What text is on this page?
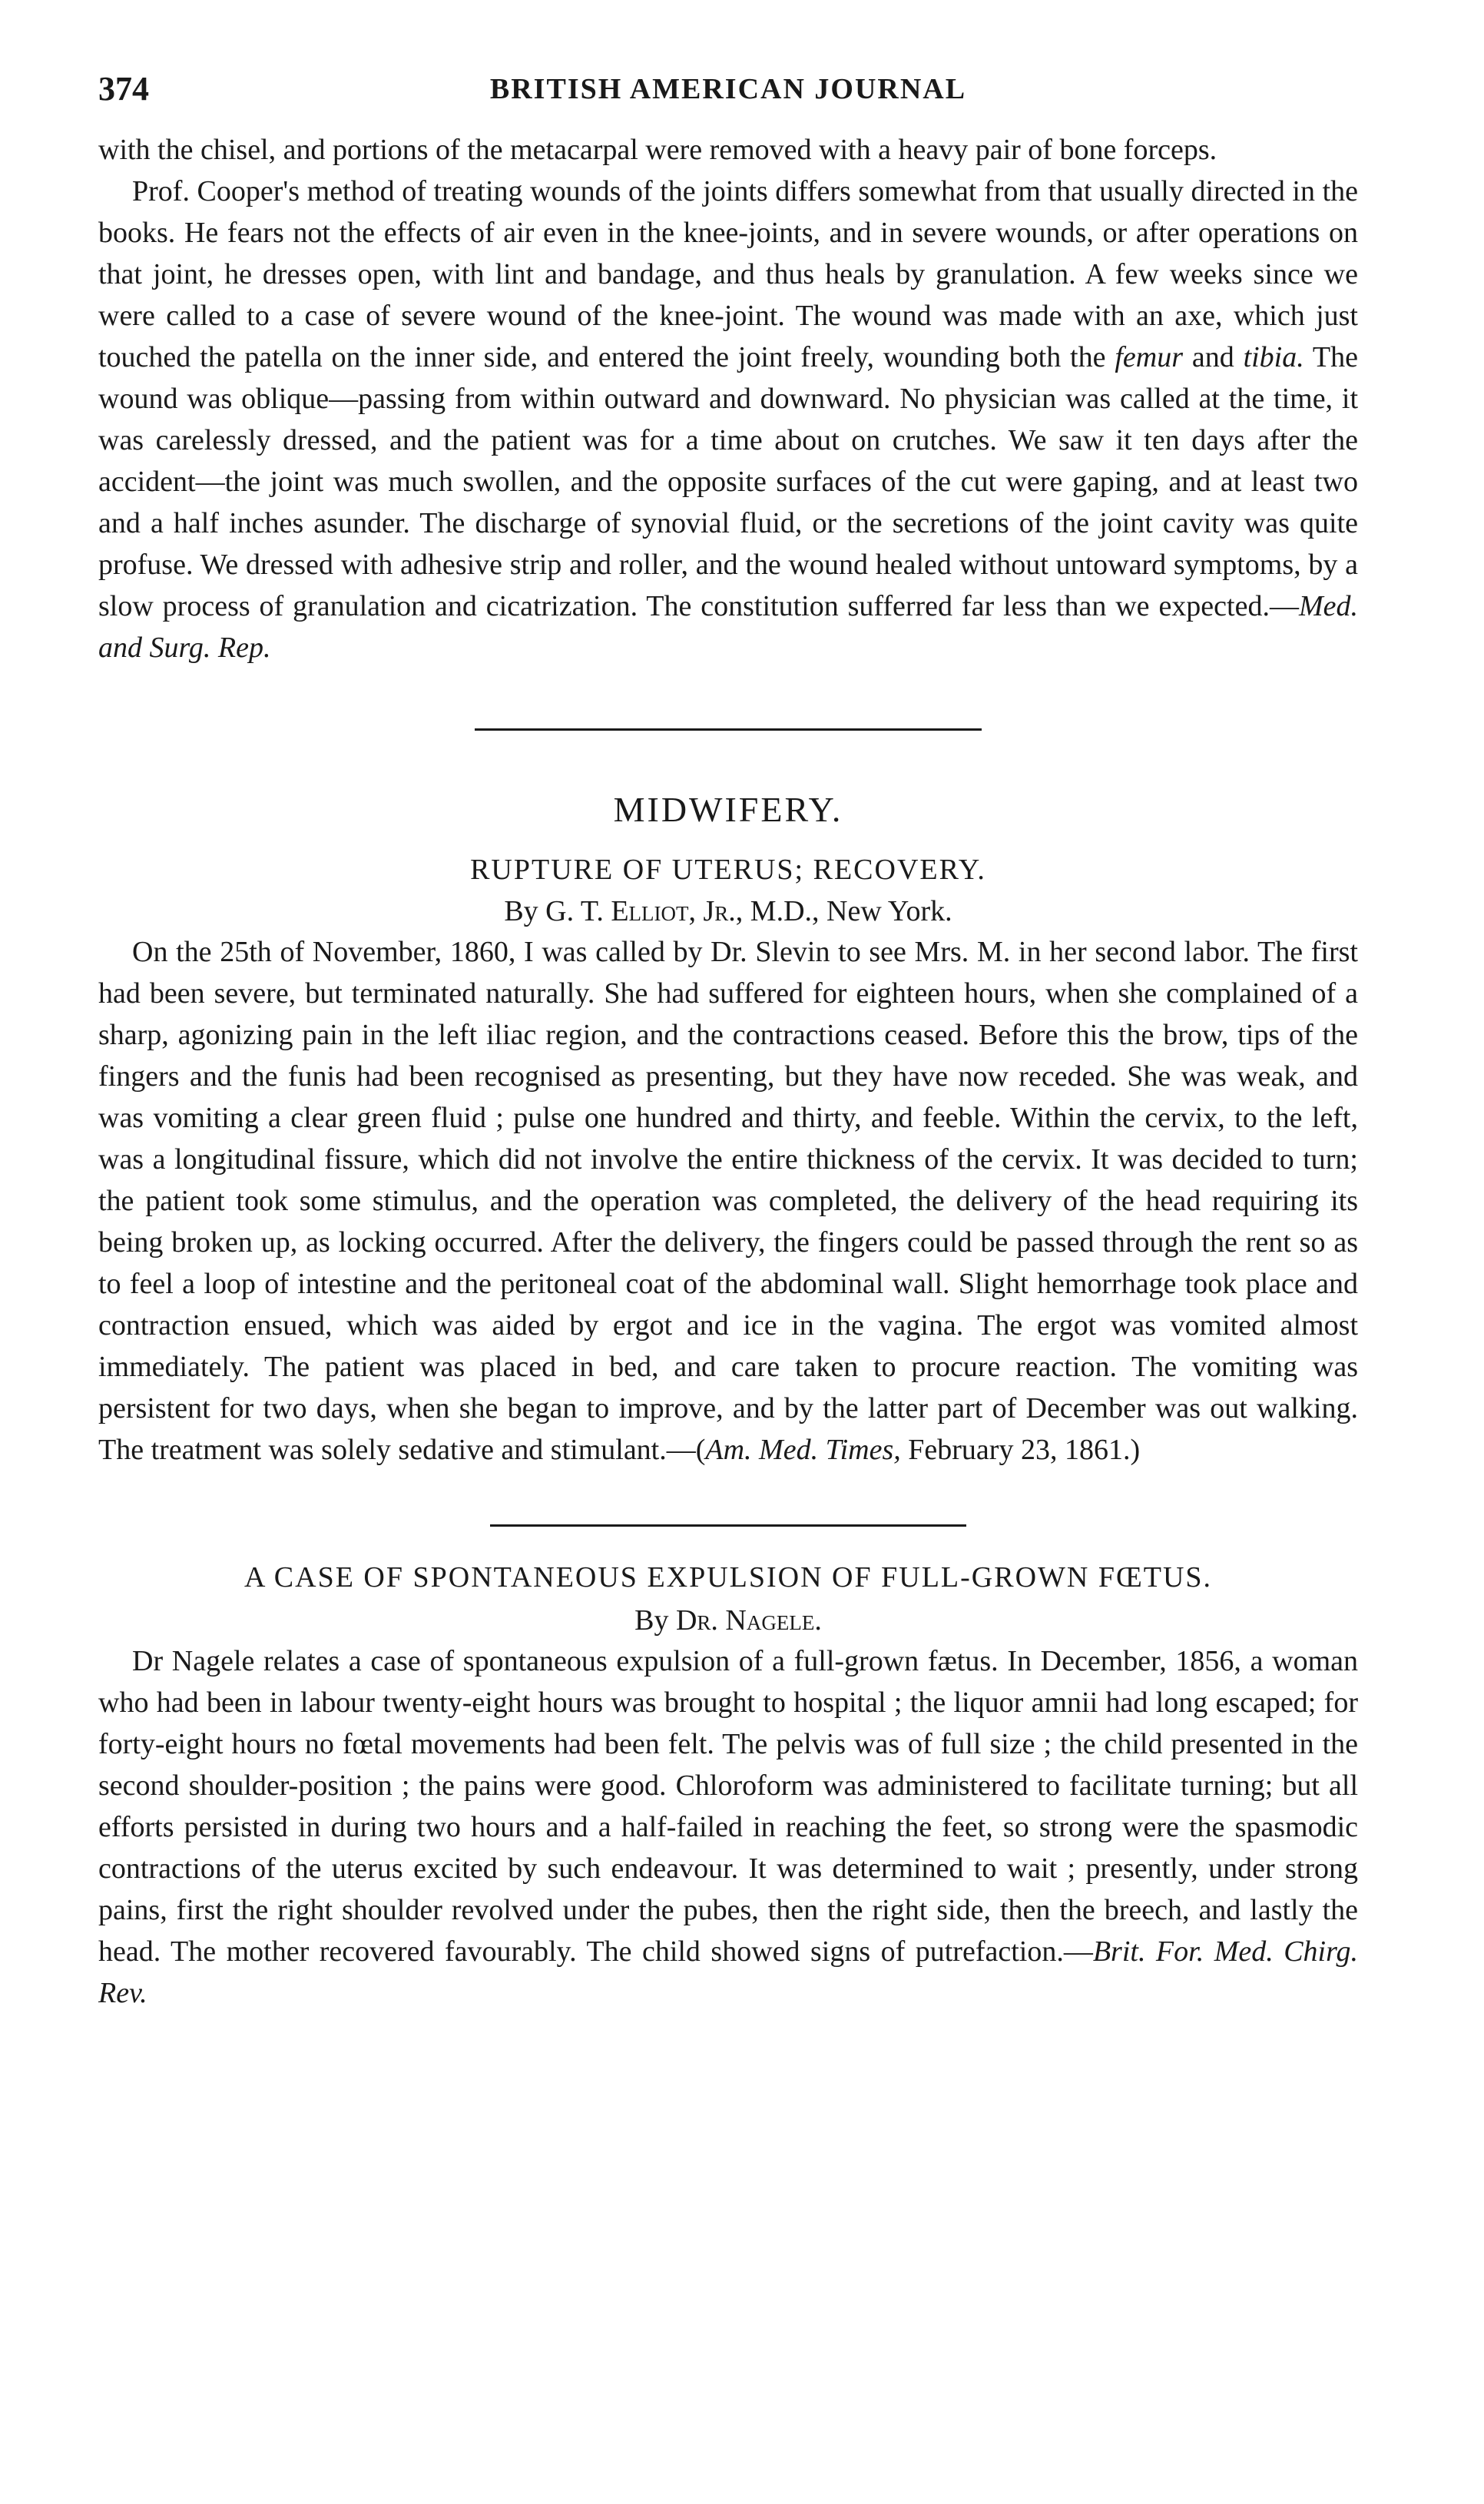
374	BRITISH AMERICAN JOURNAL

with the chisel, and portions of the metacarpal were removed with a heavy pair of bone forceps.

Prof. Cooper's method of treating wounds of the joints differs somewhat from that usually directed in the books. He fears not the effects of air even in the knee-joints, and in severe wounds, or after operations on that joint, he dresses open, with lint and bandage, and thus heals by granulation. A few weeks since we were called to a case of severe wound of the knee-joint. The wound was made with an axe, which just touched the patella on the inner side, and entered the joint freely, wounding both the femur and tibia. The wound was oblique—passing from within outward and downward. No physician was called at the time, it was carelessly dressed, and the patient was for a time about on crutches. We saw it ten days after the accident—the joint was much swollen, and the opposite surfaces of the cut were gaping, and at least two and a half inches asunder. The discharge of synovial fluid, or the secretions of the joint cavity was quite profuse. We dressed with adhesive strip and roller, and the wound healed without untoward symptoms, by a slow process of granulation and cicatrization. The constitution sufferred far less than we expected.—Med. and Surg. Rep.

MIDWIFERY.
RUPTURE OF UTERUS; RECOVERY.

By G. T. Elliot, Jr., M.D., New York.

On the 25th of November, 1860, I was called by Dr. Slevin to see Mrs. M. in her second labor. The first had been severe, but terminated naturally. She had suffered for eighteen hours, when she complained of a sharp, agonizing pain in the left iliac region, and the contractions ceased. Before this the brow, tips of the fingers and the funis had been recognised as presenting, but they have now receded. She was weak, and was vomiting a clear green fluid ; pulse one hundred and thirty, and feeble. Within the cervix, to the left, was a longitudinal fissure, which did not involve the entire thickness of the cervix. It was decided to turn; the patient took some stimulus, and the operation was completed, the delivery of the head requiring its being broken up, as locking occurred. After the delivery, the fingers could be passed through the rent so as to feel a loop of intestine and the peritoneal coat of the abdominal wall. Slight hemorrhage took place and contraction ensued, which was aided by ergot and ice in the vagina. The ergot was vomited almost immediately. The patient was placed in bed, and care taken to procure reaction. The vomiting was persistent for two days, when she began to improve, and by the latter part of December was out walking. The treatment was solely sedative and stimulant.—(Am. Med. Times, February 23, 1861.)

A CASE OF SPONTANEOUS EXPULSION OF FULL-GROWN FŒTUS.

By Dr. Nagele.

Dr Nagele relates a case of spontaneous expulsion of a full-grown fætus. In December, 1856, a woman who had been in labour twenty-eight hours was brought to hospital ; the liquor amnii had long escaped; for forty-eight hours no fœtal movements had been felt. The pelvis was of full size ; the child presented in the second shoulder-position ; the pains were good. Chloroform was administered to facilitate turning; but all efforts persisted in during two hours and a half-failed in reaching the feet, so strong were the spasmodic contractions of the uterus excited by such endeavour. It was determined to wait ; presently, under strong pains, first the right shoulder revolved under the pubes, then the right side, then the breech, and lastly the head. The mother recovered favourably. The child showed signs of putrefaction.—Brit. For. Med. Chirg. Rev.
